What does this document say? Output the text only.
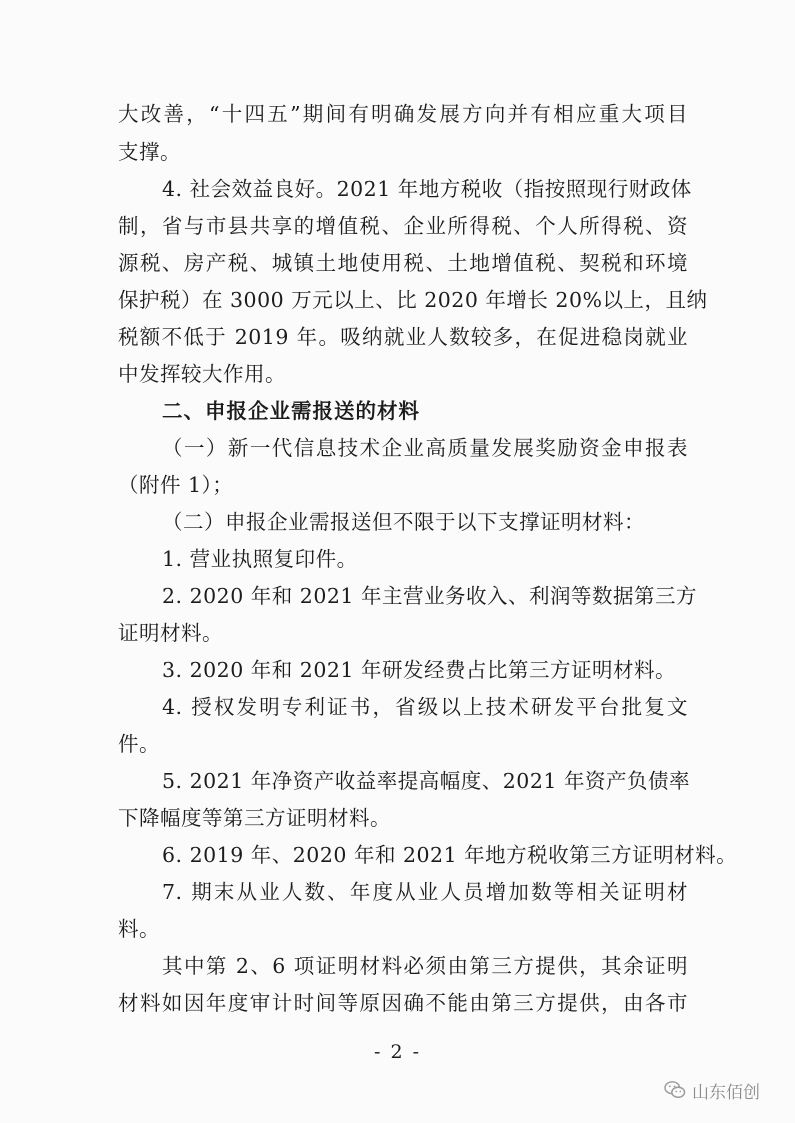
大改善，“十四五”期间有明确发展方向并有相应重大项目
支撑。
4. 社会效益良好。2021 年地方税收（指按照现行财政体
制，省与市县共享的增值税、企业所得税、个人所得税、资
源税、房产税、城镇土地使用税、土地增值税、契税和环境
保护税）在 3000 万元以上、比 2020 年增长 20%以上，且纳
税额不低于 2019 年。吸纳就业人数较多，在促进稳岗就业
中发挥较大作用。
二、申报企业需报送的材料
（一）新一代信息技术企业高质量发展奖励资金申报表
（附件 1）；
（二）申报企业需报送但不限于以下支撑证明材料：
1. 营业执照复印件。
2. 2020 年和 2021 年主营业务收入、利润等数据第三方
证明材料。
3. 2020 年和 2021 年研发经费占比第三方证明材料。
4. 授权发明专利证书，省级以上技术研发平台批复文
件。
5. 2021 年净资产收益率提高幅度、2021 年资产负债率
下降幅度等第三方证明材料。
6. 2019 年、2020 年和 2021 年地方税收第三方证明材料。
7. 期末从业人数、年度从业人员增加数等相关证明材
料。
其中第 2、6 项证明材料必须由第三方提供，其余证明
材料如因年度审计时间等原因确不能由第三方提供，由各市
- 2 -
山东佰创
